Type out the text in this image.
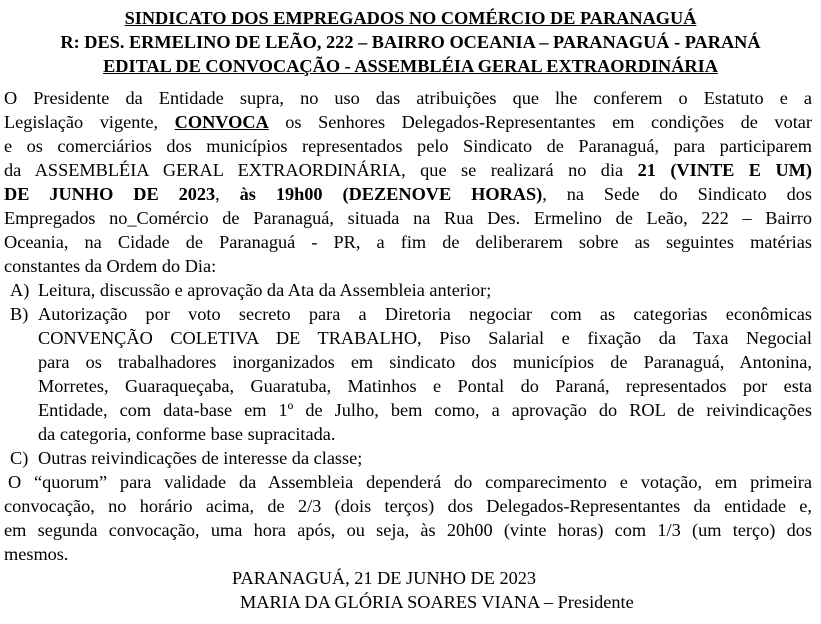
SINDICATO DOS EMPREGADOS NO COMÉRCIO DE PARANAGUÁ
R: DES. ERMELINO DE LEÃO, 222 – BAIRRO OCEANIA – PARANAGUÁ - PARANÁ
EDITAL DE CONVOCAÇÃO - ASSEMBLÉIA GERAL EXTRAORDINÁRIA
O Presidente da Entidade supra, no uso das atribuições que lhe conferem o Estatuto e a
Legislação vigente, CONVOCA os Senhores Delegados-Representantes em condições de votar
e os comerciários dos municípios representados pelo Sindicato de Paranaguá, para participarem
da ASSEMBLÉIA GERAL EXTRAORDINÁRIA, que se realizará no dia 21 (VINTE E UM)
DE JUNHO DE 2023, às 19h00 (DEZENOVE HORAS), na Sede do Sindicato dos
Empregados no_Comércio de Paranaguá, situada na Rua Des. Ermelino de Leão, 222 – Bairro
Oceania, na Cidade de Paranaguá - PR, a fim de deliberarem sobre as seguintes matérias
constantes da Ordem do Dia:
A) Leitura, discussão e aprovação da Ata da Assembleia anterior;
B) Autorização por voto secreto para a Diretoria negociar com as categorias econômicas
CONVENÇÃO COLETIVA DE TRABALHO, Piso Salarial e fixação da Taxa Negocial
para os trabalhadores inorganizados em sindicato dos municípios de Paranaguá, Antonina,
Morretes, Guaraqueçaba, Guaratuba, Matinhos e Pontal do Paraná, representados por esta
Entidade, com data-base em 1º de Julho, bem como, a aprovação do ROL de reivindicações
da categoria, conforme base supracitada.
C) Outras reivindicações de interesse da classe;
O “quorum” para validade da Assembleia dependerá do comparecimento e votação, em primeira
convocação, no horário acima, de 2/3 (dois terços) dos Delegados-Representantes da entidade e,
em segunda convocação, uma hora após, ou seja, às 20h00 (vinte horas) com 1/3 (um terço) dos
mesmos.
PARANAGUÁ, 21 DE JUNHO DE 2023
MARIA DA GLÓRIA SOARES VIANA – Presidente
